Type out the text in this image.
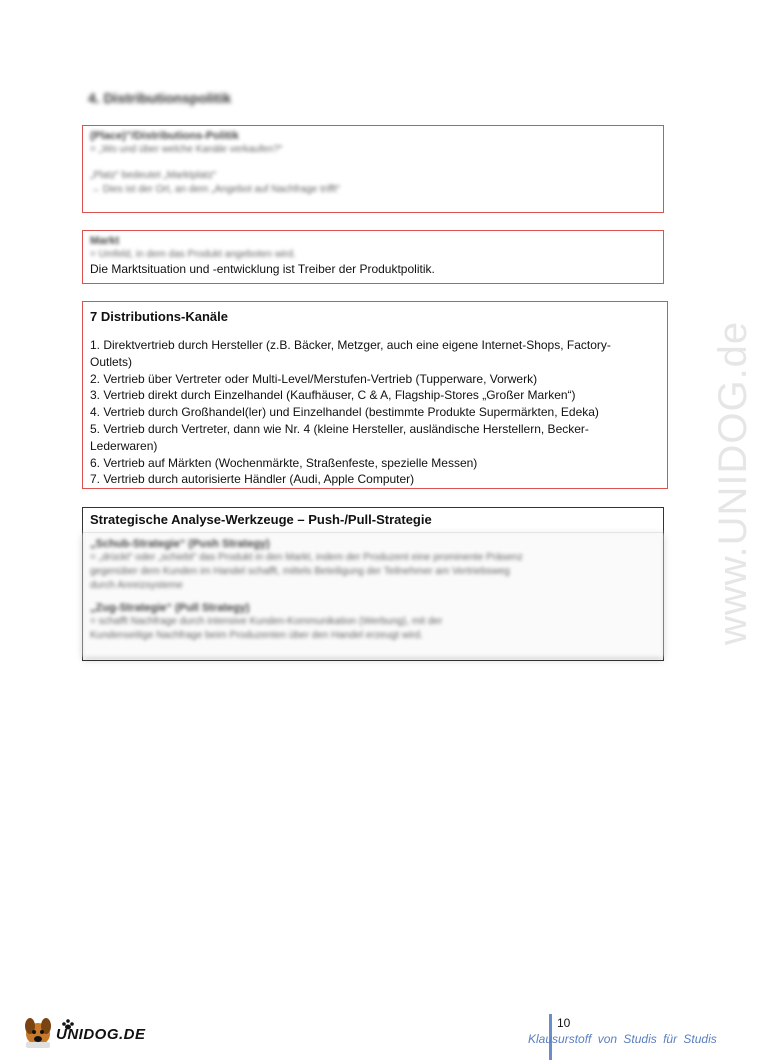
4. Distributionspolitik
(Place)"/Distributions-Politik
= „Wo und über welche Kanäle verkaufen?“
„Platz“ bedeutet „Marktplatz“
→ Dies ist der Ort, an dem „Angebot auf Nachfrage trifft“
Markt
= Umfeld, in dem das Produkt angeboten wird.
Die Marktsituation und -entwicklung ist Treiber der Produktpolitik.
7 Distributions-Kanäle
1. Direktvertrieb durch Hersteller (z.B. Bäcker, Metzger, auch eine eigene Internet-Shops, Factory-
Outlets)
2. Vertrieb über Vertreter oder Multi-Level/Merstufen-Vertrieb (Tupperware, Vorwerk)
3. Vertrieb direkt durch Einzelhandel (Kaufhäuser, C & A, Flagship-Stores „Großer Marken“)
4. Vertrieb durch Großhandel(ler) und Einzelhandel (bestimmte Produkte Supermärkten, Edeka)
5. Vertrieb durch Vertreter, dann wie Nr. 4 (kleine Hersteller, ausländische Herstellern, Becker-
Lederwaren)
6. Vertrieb auf Märkten (Wochenmärkte, Straßenfeste, spezielle Messen)
7. Vertrieb durch autorisierte Händler (Audi, Apple Computer)
Strategische Analyse-Werkzeuge – Push-/Pull-Strategie
„Schub-Strategie“ (Push Strategy)
= „drückt“ oder „schiebt“ das Produkt in den Markt, indem der Produzent eine prominente Präsenz
gegenüber dem Kunden im Handel schafft, mittels Beteiligung der Teilnehmer am Vertriebsweg
durch Anreizsysteme
„Zug-Strategie“ (Pull Strategy)
= schafft Nachfrage durch intensive Kunden-Kommunikation (Werbung), mit der
Kundenseitige Nachfrage beim Produzenten über den Handel erzeugt wird.	www.UNIDOG.de
UNIDOG.DE
10
Klausurstoff von Studis für Studis
